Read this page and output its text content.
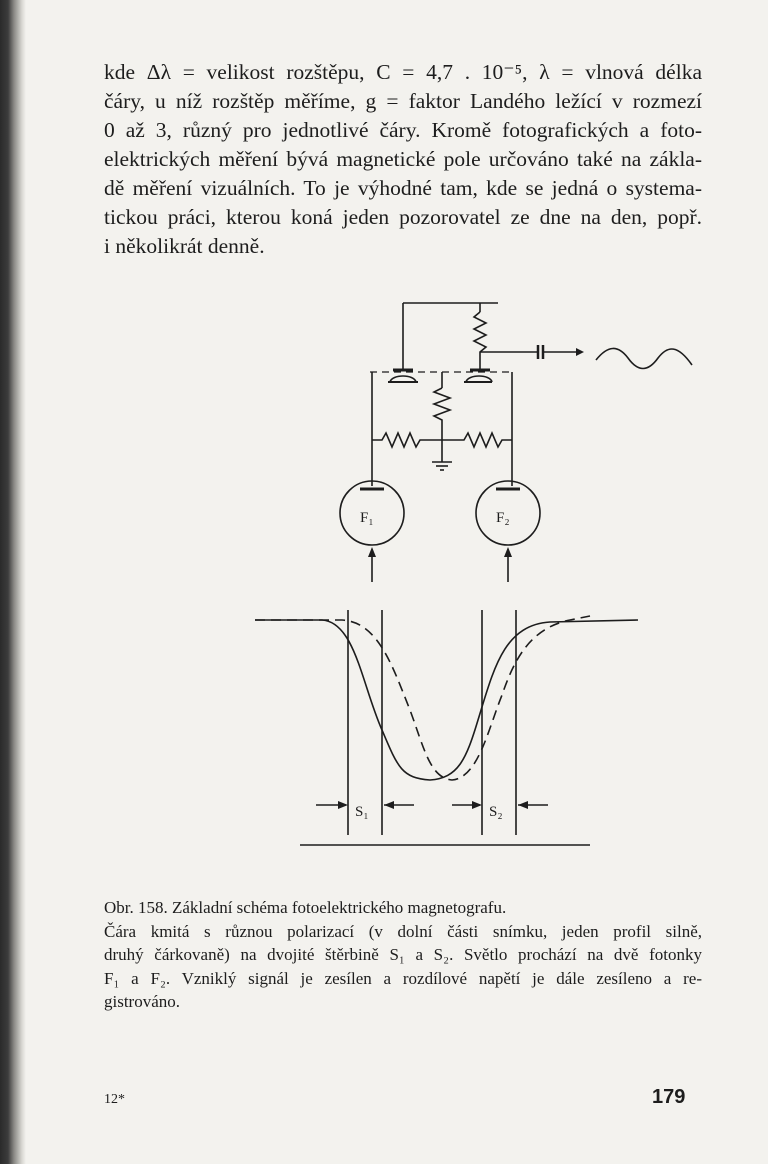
kde Δλ = velikost rozštěpu, C = 4,7 . 10⁻⁵, λ = vlnová délka
čáry, u níž rozštěp měříme, g = faktor Landého ležící v rozmezí
0 až 3, různý pro jednotlivé čáry. Kromě fotografických a foto-
elektrických měření bývá magnetické pole určováno také na zákla-
dě měření vizuálních. To je výhodné tam, kde se jedná o systema-
tickou práci, kterou koná jeden pozorovatel ze dne na den, popř.
i několikrát denně.
F₁	F₂
S₁	S₂
Obr. 158. Základní schéma fotoelektrického magnetografu.
Čára kmitá s různou polarizací (v dolní části snímku, jeden profil silně,
druhý čárkovaně) na dvojité štěrbině S₁ a S₂. Světlo prochází na dvě fotonky
F₁ a F₂. Vzniklý signál je zesílen a rozdílové napětí je dále zesíleno a re-
gistrováno.
12*	179
